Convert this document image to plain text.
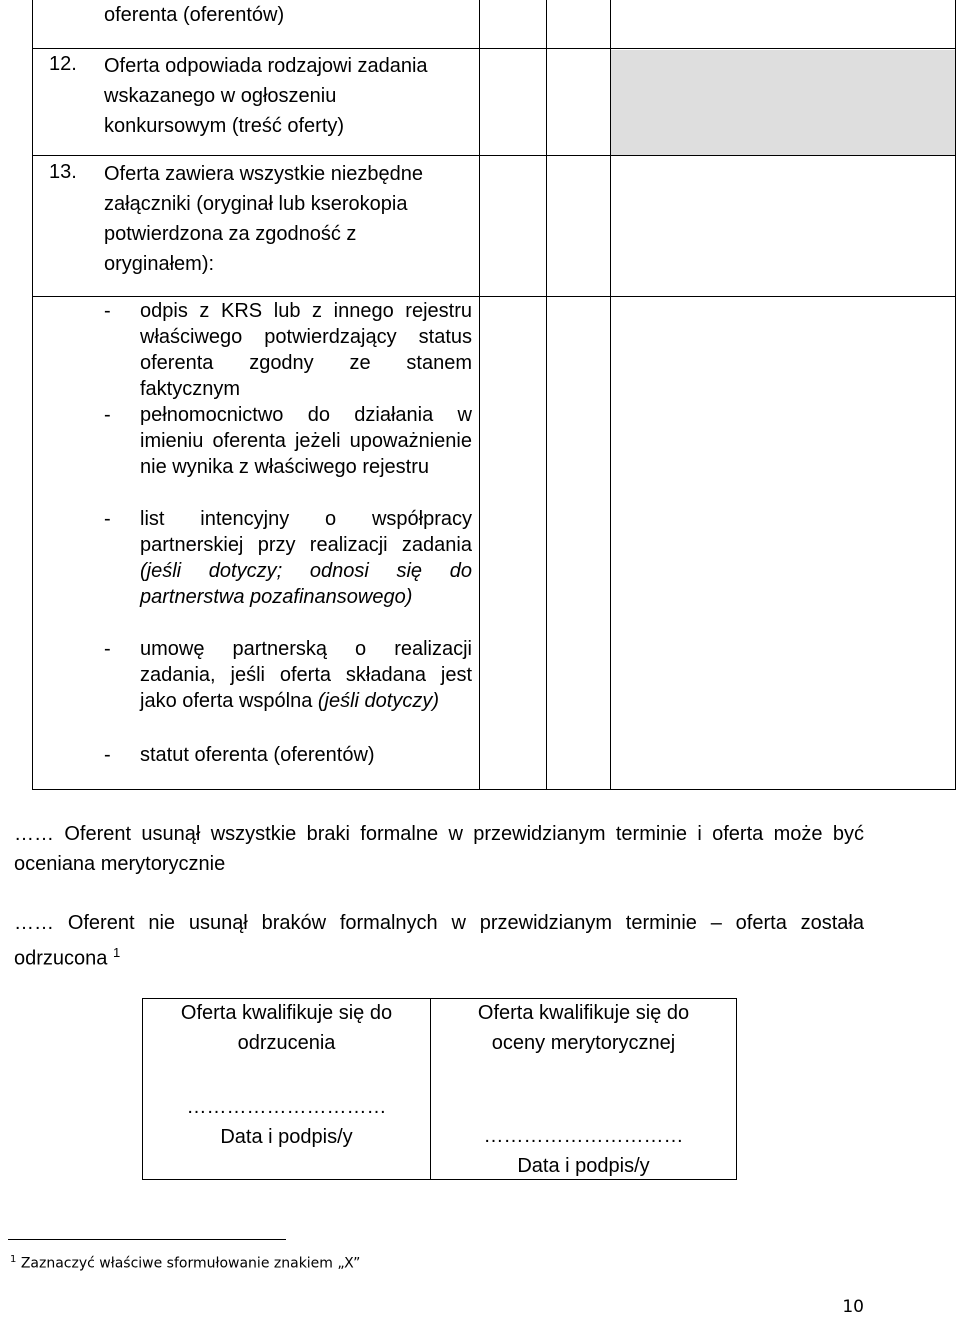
oferenta (oferentów)
12. Oferta odpowiada rodzajowi zadania
wskazanego w ogłoszeniu
konkursowym (treść oferty)
13. Oferta zawiera wszystkie niezbędne
załączniki (oryginał lub kserokopia
potwierdzona za zgodność z
oryginałem):
- odpis z KRS lub z innego rejestru właściwego potwierdzający status oferenta zgodny ze stanem faktycznym
- pełnomocnictwo do działania w imieniu oferenta jeżeli upoważnienie nie wynika z właściwego rejestru
- list intencyjny o współpracy partnerskiej przy realizacji zadania (jeśli dotyczy; odnosi się do partnerstwa pozafinansowego)
- umowę partnerską o realizacji zadania, jeśli oferta składana jest jako oferta wspólna (jeśli dotyczy)
- statut oferenta (oferentów)
…… Oferent usunął wszystkie braki formalne w przewidzianym terminie i oferta może być oceniana merytorycznie
…… Oferent nie usunął braków formalnych w przewidzianym terminie – oferta została odrzucona $^1$
Oferta kwalifikuje się do
odrzucenia
…………………………
Data i podpis/y
Oferta kwalifikuje się do
oceny merytorycznej
…………………………
Data i podpis/y
$^1$ Zaznaczyć właściwe sformułowanie znakiem „X”
10
